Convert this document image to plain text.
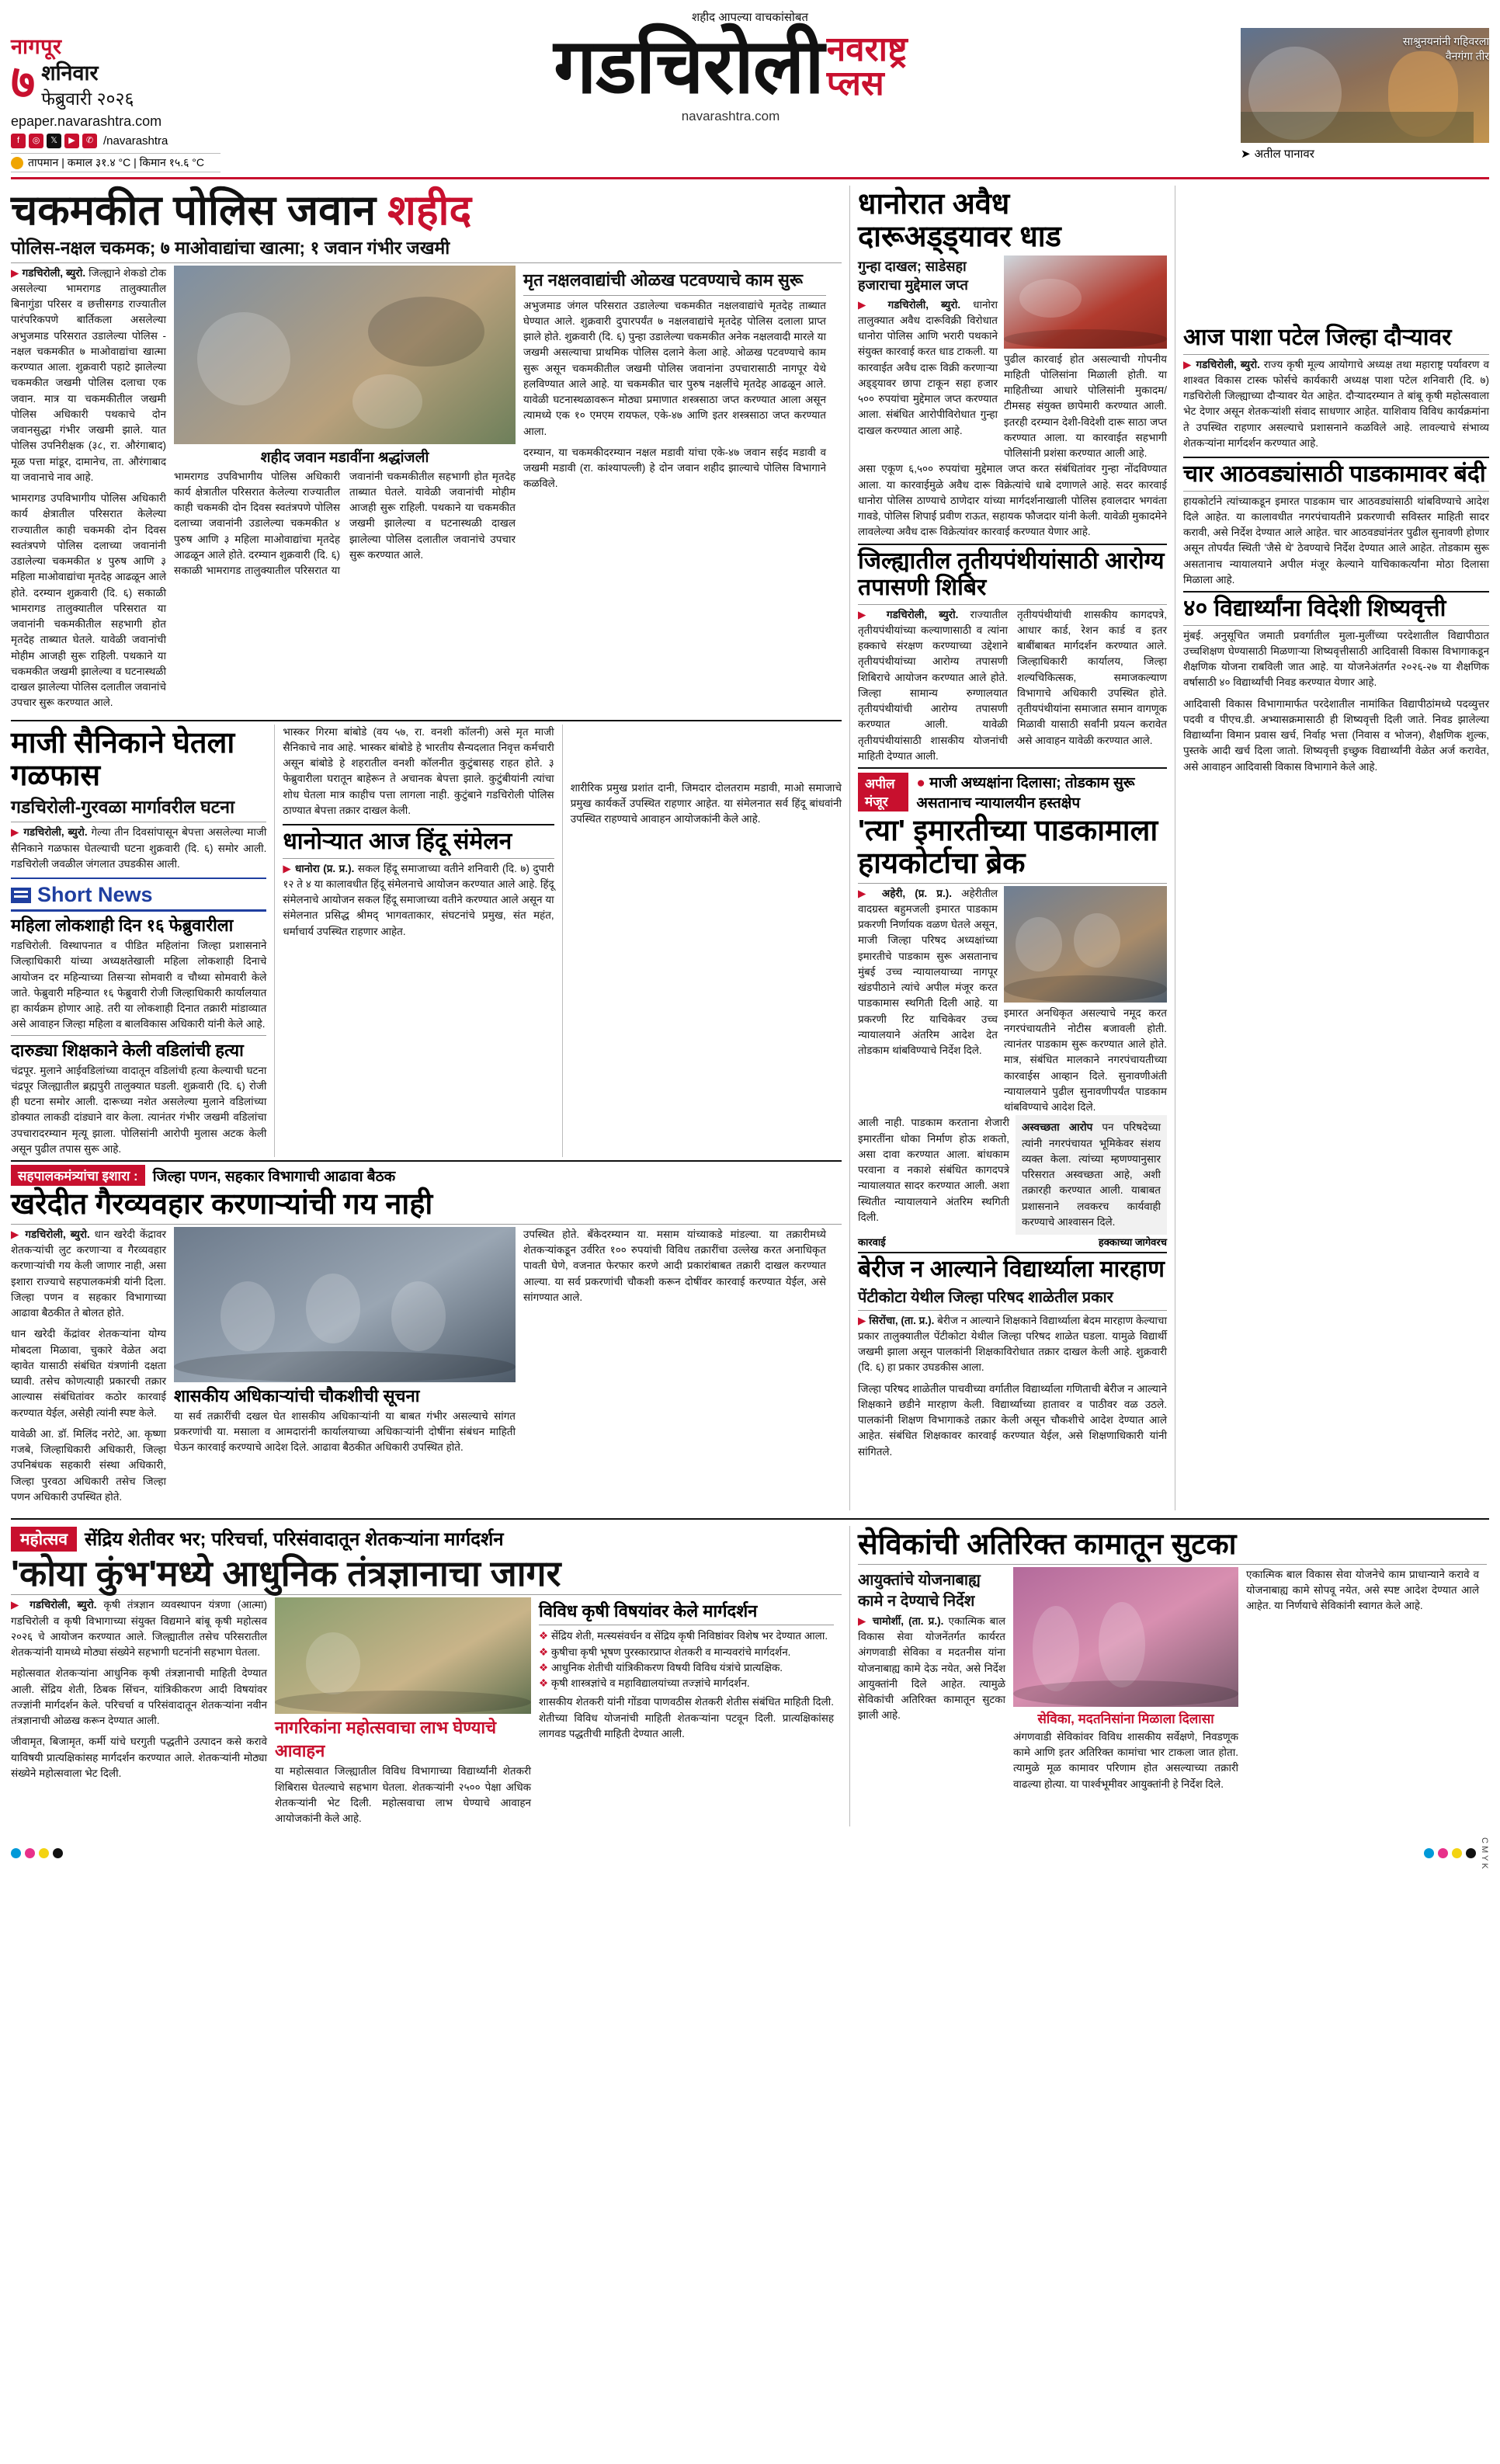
शहीद आपल्या वाचकांसोबत
नागपूर
७ शनिवार
फेब्रुवारी २०२६
epaper.navarashtra.com
f	◎	𝕏	▶	✆ /navarashtra
तापमान | कमाल ३१.४ °C | किमान १५.६ °C
गडचिरोली नवराष्ट्र
प्लस
navarashtra.com
साश्रुनयनांनी गहिवरला वैनगंगा तीर
➤ अतील पानावर
चकमकीत पोलिस जवान शहीद
पोलिस-नक्षल चकमक; ७ माओवाद्यांचा खात्मा; १ जवान गंभीर जखमी

▶ गडचिरोली, ब्युरो. जिल्ह्याने शेकडो टोक असलेल्या भामरागड तालुक्यातील बिनागुंडा परिसर व छत्तीसगड राज्यातील पारंपरिकपणे बार्तिकला असलेल्या अभुजमाड परिसरात उडालेल्या पोलिस - नक्षल चकमकीत ७ माओवाद्यांचा खात्मा करण्यात आला. शुक्रवारी पहाटे झालेल्या चकमकीत जखमी पोलिस दलाचा एक जवान. मात्र या चकमकीतील जखमी पोलिस अधिकारी पथकाचे दोन जवानसुद्धा गंभीर जखमी झाले. यात पोलिस उपनिरीक्षक (३८, रा. औरंगाबाद) मूळ पत्ता मांडूर, दामानेच, ता. औरंगाबाद या जवानाचे नाव आहे.

भामरागड उपविभागीय पोलिस अधिकारी कार्य क्षेत्रातील परिसरात केलेल्या राज्यातील काही चकमकी दोन दिवस स्वतंत्रपणे पोलिस दलाच्या जवानांनी उडालेल्या चकमकीत ४ पुरुष आणि ३ महिला माओवाद्यांचा मृतदेह आढळून आले होते. दरम्यान शुक्रवारी (दि. ६) सकाळी भामरागड तालुक्यातील परिसरात या जवानांनी चकमकीतील सहभागी होत मृतदेह ताब्यात घेतले. यावेळी जवानांची मोहीम आजही सुरू राहिली. पथकाने या चकमकीत जखमी झालेल्या व घटनास्थळी दाखल झालेल्या पोलिस दलातील जवानांचे उपचार सुरू करण्यात आले.

शहीद जवान मडावींना श्रद्धांजली

भामरागड उपविभागीय पोलिस अधिकारी कार्य क्षेत्रातील परिसरात केलेल्या राज्यातील काही चकमकी दोन दिवस स्वतंत्रपणे पोलिस दलाच्या जवानांनी उडालेल्या चकमकीत ४ पुरुष आणि ३ महिला माओवाद्यांचा मृतदेह आढळून आले होते. दरम्यान शुक्रवारी (दि. ६) सकाळी भामरागड तालुक्यातील परिसरात या जवानांनी चकमकीतील सहभागी होत मृतदेह ताब्यात घेतले. यावेळी जवानांची मोहीम आजही सुरू राहिली. पथकाने या चकमकीत जखमी झालेल्या व घटनास्थळी दाखल झालेल्या पोलिस दलातील जवानांचे उपचार सुरू करण्यात आले.

मृत नक्षलवाद्यांची ओळख पटवण्याचे काम सुरू

अभुजमाड जंगल परिसरात उडालेल्या चकमकीत नक्षलवाद्यांचे मृतदेह ताब्यात घेण्यात आले. शुक्रवारी दुपारपर्यंत ७ नक्षलवाद्यांचे मृतदेह पोलिस दलाला प्राप्त झाले होते. शुक्रवारी (दि. ६) पुन्हा उडालेल्या चकमकीत अनेक नक्षलवादी मारले या जखमी असल्याचा प्राथमिक पोलिस दलाने केला आहे. ओळख पटवण्याचे काम सुरू असून चकमकीतील जखमी पोलिस जवानांना उपचारासाठी नागपूर येथे हलविण्यात आले आहे. या चकमकीत चार पुरुष नक्षलींचे मृतदेह आढळून आले. यावेळी घटनास्थळावरून मोठ्या प्रमाणात शस्त्रसाठा जप्त करण्यात आला असून त्यामध्ये एक १० एमएम रायफल, एके-४७ आणि इतर शस्त्रसाठा जप्त करण्यात आला.

दरम्यान, या चकमकीदरम्यान नक्षल मडावी यांचा एके-४७ जवान सईद मडावी व जखमी मडावी (रा. कांश्यापल्ली) हे दोन जवान शहीद झाल्याचे पोलिस विभागाने कळविले.

माजी सैनिकाने घेतला गळफास
गडचिरोली-गुरवळा मार्गावरील घटना

▶ गडचिरोली, ब्युरो. गेल्या तीन दिवसांपासून बेपत्ता असलेल्या माजी सैनिकाने गळफास घेतल्याची घटना शुक्रवारी (दि. ६) समोर आली. गडचिरोली जवळील जंगलात उघडकीस आली.

Short News
महिला लोकशाही दिन १६ फेब्रुवारीला
गडचिरोली. विस्थापनात व पीडित महिलांना जिल्हा प्रशासनाने जिल्हाधिकारी यांच्या अध्यक्षतेखाली महिला लोकशाही दिनाचे आयोजन दर महिन्याच्या तिसऱ्या सोमवारी व चौथ्या सोमवारी केले जाते. फेब्रुवारी महिन्यात १६ फेब्रुवारी रोजी जिल्हाधिकारी कार्यालयात हा कार्यक्रम होणार आहे. तरी या लोकशाही दिनात तक्रारी मांडाव्यात असे आवाहन जिल्हा महिला व बालविकास अधिकारी यांनी केले आहे.
दारुड्या शिक्षकाने केली वडिलांची हत्या
चंद्रपूर. मुलाने आईवडिलांच्या वादातून वडिलांची हत्या केल्याची घटना चंद्रपूर जिल्ह्यातील ब्रह्मपुरी तालुक्यात घडली. शुक्रवारी (दि. ६) रोजी ही घटना समोर आली. दारूच्या नशेत असलेल्या मुलाने वडिलांच्या डोक्यात लाकडी दांड्याने वार केला. त्यानंतर गंभीर जखमी वडिलांचा उपचारादरम्यान मृत्यू झाला. पोलिसांनी आरोपी मुलास अटक केली असून पुढील तपास सुरू आहे.

भास्कर गिरमा बांबोडे (वय ५७, रा. वनशी कॉलनी) असे मृत माजी सैनिकाचे नाव आहे. भास्कर बांबोडे हे भारतीय सैन्यदलात निवृत्त कर्मचारी असून बांबोडे हे शहरातील वनशी कॉलनीत कुटुंबासह राहत होते. ३ फेब्रुवारीला घरातून बाहेरून ते अचानक बेपत्ता झाले. कुटुंबीयांनी त्यांचा शोध घेतला मात्र काहीच पत्ता लागला नाही. कुटुंबाने गडचिरोली पोलिस ठाण्यात बेपत्ता तक्रार दाखल केली.

धानोऱ्यात आज हिंदू संमेलन

▶ धानोरा (प्र. प्र.). सकल हिंदू समाजाच्या वतीने शनिवारी (दि. ७) दुपारी १२ ते ४ या कालावधीत हिंदू संमेलनाचे आयोजन करण्यात आले आहे. हिंदू संमेलनाचे आयोजन सकल हिंदू समाजाच्या वतीने करण्यात आले असून या संमेलनात प्रसिद्ध श्रीमद् भागवताकार, संघटनांचे प्रमुख, संत महंत, धर्माचार्य उपस्थित राहणार आहेत.

शारीरिक प्रमुख प्रशांत दानी, जिमदार दोलतराम मडावी, माओ समाजाचे प्रमुख कार्यकर्ते उपस्थित राहणार आहेत. या संमेलनात सर्व हिंदू बांधवांनी उपस्थित राहण्याचे आवाहन आयोजकांनी केले आहे.
सहपालकमंत्र्यांचा इशारा :	जिल्हा पणन, सहकार विभागाची आढावा बैठक
खरेदीत गैरव्यवहार करणाऱ्यांची गय नाही

▶ गडचिरोली, ब्युरो. धान खरेदी केंद्रावर शेतकऱ्यांची लुट करणाऱ्या व गैरव्यवहार करणाऱ्यांची गय केली जाणार नाही, असा इशारा राज्याचे सहपालकमंत्री यांनी दिला. जिल्हा पणन व सहकार विभागाच्या आढावा बैठकीत ते बोलत होते.

धान खरेदी केंद्रांवर शेतकऱ्यांना योग्य मोबदला मिळावा, चुकारे वेळेत अदा व्हावेत यासाठी संबंधित यंत्रणांनी दक्षता घ्यावी. तसेच कोणत्याही प्रकारची तक्रार आल्यास संबंधितांवर कठोर कारवाई करण्यात येईल, असेही त्यांनी स्पष्ट केले.

यावेळी आ. डॉ. मिलिंद नरोटे, आ. कृष्णा गजबे, जिल्हाधिकारी अधिकारी, जिल्हा उपनिबंधक सहकारी संस्था अधिकारी, जिल्हा पुरवठा अधिकारी तसेच जिल्हा पणन अधिकारी उपस्थित होते.

शासकीय अधिकाऱ्यांची चौकशीची सूचना
या सर्व तक्रारींची दखल घेत शासकीय अधिकाऱ्यांनी या बाबत गंभीर असल्याचे सांगत प्रकरणांची या. मसाला व आमदारांनी कार्यालयाच्या अधिकाऱ्यांनी दोषींना संबंधन माहिती घेऊन कारवाई करण्याचे आदेश दिले. आढावा बैठकीत अधिकारी उपस्थित होते.

उपस्थित होते. बँकेदरम्यान या. मसाम यांच्याकडे मांडल्या. या तक्रारीमध्ये शेतकऱ्यांकडून उर्वरित १०० रुपयांची विविध तक्रारींचा उल्लेख करत अनाधिकृत पावती घेणे, वजनात फेरफार करणे आदी प्रकारांबाबत तक्रारी दाखल करण्यात आल्या. या सर्व प्रकरणांची चौकशी करून दोषींवर कारवाई करण्यात येईल, असे सांगण्यात आले.

धानोरात अवैध दारूअड्ड्यावर धाड
गुन्हा दाखल; साडेसहा हजाराचा मुद्देमाल जप्त

▶ गडचिरोली, ब्युरो. धानोरा तालुक्यात अवैध दारूविक्री विरोधात धानोरा पोलिस आणि भरारी पथकाने संयुक्त कारवाई करत धाड टाकली. या कारवाईत अवैध दारू विक्री करणाऱ्या अड्ड्यावर छापा टाकून सहा हजार ५०० रुपयांचा मुद्देमाल जप्त करण्यात आला. संबंधित आरोपीविरोधात गुन्हा दाखल करण्यात आला आहे.

पुढील कारवाई होत असल्याची गोपनीय माहिती पोलिसांना मिळाली होती. या माहितीच्या आधारे पोलिसांनी मुकादम/टीमसह संयुक्त छापेमारी करण्यात आली. इतरही दरम्यान देशी-विदेशी दारू साठा जप्त करण्यात आला. या कारवाईत सहभागी पोलिसांनी प्रशंसा करण्यात आली आहे.
असा एकूण ६,५०० रुपयांचा मुद्देमाल जप्त करत संबंधितांवर गुन्हा नोंदविण्यात आला. या कारवाईमुळे अवैध दारू विक्रेत्यांचे धाबे दणाणले आहे. सदर कारवाई धानोरा पोलिस ठाण्याचे ठाणेदार यांच्या मार्गदर्शनाखाली पोलिस हवालदार भगवंता गावडे, पोलिस शिपाई प्रवीण राऊत, सहायक फौजदार यांनी केली. यावेळी मुकादमेने लावलेल्या अवैध दारू विक्रेत्यांवर कारवाई करण्यात येणार आहे.
जिल्ह्यातील तृतीयपंथीयांसाठी आरोग्य तपासणी शिबिर

▶ गडचिरोली, ब्युरो. राज्यातील तृतीयपंथीयांच्या कल्याणासाठी व त्यांना हक्काचे संरक्षण करण्याच्या उद्देशाने तृतीयपंथीयांच्या आरोग्य तपासणी शिबिराचे आयोजन करण्यात आले होते. जिल्हा सामान्य रुग्णालयात तृतीयपंथीयांची आरोग्य तपासणी करण्यात आली. यावेळी तृतीयपंथीयांसाठी शासकीय योजनांची माहिती देण्यात आली.

तृतीयपंथीयांची शासकीय कागदपत्रे, आधार कार्ड, रेशन कार्ड व इतर बाबींबाबत मार्गदर्शन करण्यात आले. जिल्हाधिकारी कार्यालय, जिल्हा शल्यचिकित्सक, समाजकल्याण विभागाचे अधिकारी उपस्थित होते. तृतीयपंथीयांना समाजात समान वागणूक मिळावी यासाठी सर्वांनी प्रयत्न करावेत असे आवाहन यावेळी करण्यात आले.

अपील मंजूर
● माजी अध्यक्षांना दिलासा; तोडकाम सुरू असतानाच न्यायालयीन हस्तक्षेप
'त्या' इमारतीच्या पाडकामाला हायकोर्टाचा ब्रेक

▶ अहेरी, (प्र. प्र.). अहेरीतील वादग्रस्त बहुमजली इमारत पाडकाम प्रकरणी निर्णायक वळण घेतले असून, माजी जिल्हा परिषद अध्यक्षांच्या इमारतीचे पाडकाम सुरू असतानाच मुंबई उच्च न्यायालयाच्या नागपूर खंडपीठाने त्यांचे अपील मंजूर करत पाडकामास स्थगिती दिली आहे. या प्रकरणी रिट याचिकेवर उच्च न्यायालयाने अंतरिम आदेश देत तोडकाम थांबविण्याचे निर्देश दिले.

इमारत अनधिकृत असल्याचे नमूद करत नगरपंचायतीने नोटीस बजावली होती. त्यानंतर पाडकाम सुरू करण्यात आले होते. मात्र, संबंधित मालकाने नगरपंचायतीच्या कारवाईस आव्हान दिले. सुनावणीअंती न्यायालयाने पुढील सुनावणीपर्यंत पाडकाम थांबविण्याचे आदेश दिले.
आली नाही. पाडकाम करताना शेजारी इमारतींना धोका निर्माण होऊ शकतो, असा दावा करण्यात आला. बांधकाम परवाना व नकाशे संबंधित कागदपत्रे न्यायालयात सादर करण्यात आली. अशा स्थितीत न्यायालयाने अंतरिम स्थगिती दिली.
अस्वच्छता आरोप पन परिषदेच्या त्यांनी नगरपंचायत भूमिकेवर संशय व्यक्त केला. त्यांच्या म्हणण्यानुसार परिसरात अस्वच्छता आहे, अशी तक्रारही करण्यात आली. याबाबत प्रशासनाने लवकरच कार्यवाही करण्याचे आश्वासन दिले.
कारवाई	हक्काच्या जागेवरच
बेरीज न आल्याने विद्यार्थ्याला मारहाण
पेंटीकोटा येथील जिल्हा परिषद शाळेतील प्रकार

▶ सिरोंचा, (ता. प्र.). बेरीज न आल्याने शिक्षकाने विद्यार्थ्याला बेदम मारहाण केल्याचा प्रकार तालुक्यातील पेंटीकोटा येथील जिल्हा परिषद शाळेत घडला. यामुळे विद्यार्थी जखमी झाला असून पालकांनी शिक्षकाविरोधात तक्रार दाखल केली आहे. शुक्रवारी (दि. ६) हा प्रकार उघडकीस आला.

जिल्हा परिषद शाळेतील पाचवीच्या वर्गातील विद्यार्थ्याला गणिताची बेरीज न आल्याने शिक्षकाने छडीने मारहाण केली. विद्यार्थ्याच्या हातावर व पाठीवर वळ उठले. पालकांनी शिक्षण विभागाकडे तक्रार केली असून चौकशीचे आदेश देण्यात आले आहेत. संबंधित शिक्षकावर कारवाई करण्यात येईल, असे शिक्षणाधिकारी यांनी सांगितले.

आज पाशा पटेल जिल्हा दौऱ्यावर

▶ गडचिरोली, ब्युरो. राज्य कृषी मूल्य आयोगाचे अध्यक्ष तथा महाराष्ट्र पर्यावरण व शाश्वत विकास टास्क फोर्सचे कार्यकारी अध्यक्ष पाशा पटेल शनिवारी (दि. ७) गडचिरोली जिल्ह्याच्या दौऱ्यावर येत आहेत. दौऱ्यादरम्यान ते बांबू कृषी महोत्सवाला भेट देणार असून शेतकऱ्यांशी संवाद साधणार आहेत. याशिवाय विविध कार्यक्रमांना ते उपस्थित राहणार असल्याचे प्रशासनाने कळविले आहे. लावल्याचे संभाव्य शेतकऱ्यांना मार्गदर्शन करण्यात आहे.

चार आठवड्यांसाठी पाडकामावर बंदी
हायकोर्टाने त्यांच्याकडून इमारत पाडकाम चार आठवड्यांसाठी थांबविण्याचे आदेश दिले आहेत. या कालावधीत नगरपंचायतीने प्रकरणाची सविस्तर माहिती सादर करावी, असे निर्देश देण्यात आले आहेत. चार आठवड्यांनंतर पुढील सुनावणी होणार असून तोपर्यंत स्थिती 'जैसे थे' ठेवण्याचे निर्देश देण्यात आले आहेत. तोडकाम सुरू असतानाच न्यायालयाने अपील मंजूर केल्याने याचिकाकर्त्यांना मोठा दिलासा मिळाला आहे.
४० विद्यार्थ्यांना विदेशी शिष्यवृत्ती

मुंबई. अनुसूचित जमाती प्रवर्गातील मुला-मुलींच्या परदेशातील विद्यापीठात उच्चशिक्षण घेण्यासाठी मिळणाऱ्या शिष्यवृत्तीसाठी आदिवासी विकास विभागाकडून शैक्षणिक योजना राबविली जात आहे. या योजनेअंतर्गत २०२६-२७ या शैक्षणिक वर्षासाठी ४० विद्यार्थ्यांची निवड करण्यात येणार आहे.

आदिवासी विकास विभागामार्फत परदेशातील नामांकित विद्यापीठांमध्ये पदव्युत्तर पदवी व पीएच.डी. अभ्यासक्रमासाठी ही शिष्यवृत्ती दिली जाते. निवड झालेल्या विद्यार्थ्यांना विमान प्रवास खर्च, निर्वाह भत्ता (निवास व भोजन), शैक्षणिक शुल्क, पुस्तके आदी खर्च दिला जातो. शिष्यवृत्ती इच्छुक विद्यार्थ्यांनी वेळेत अर्ज करावेत, असे आवाहन आदिवासी विकास विभागाने केले आहे.

महोत्सव सेंद्रिय शेतीवर भर; परिचर्चा, परिसंवादातून शेतकऱ्यांना मार्गदर्शन
'कोया कुंभ'मध्ये आधुनिक तंत्रज्ञानाचा जागर

▶ गडचिरोली, ब्युरो. कृषी तंत्रज्ञान व्यवस्थापन यंत्रणा (आत्मा) गडचिरोली व कृषी विभागाच्या संयुक्त विद्यमाने बांबू कृषी महोत्सव २०२६ चे आयोजन करण्यात आले. जिल्ह्यातील तसेच परिसरातील शेतकऱ्यांनी यामध्ये मोठ्या संख्येने सहभागी घटनांनी सहभाग घेतला.

महोत्सवात शेतकऱ्यांना आधुनिक कृषी तंत्रज्ञानाची माहिती देण्यात आली. सेंद्रिय शेती, ठिबक सिंचन, यांत्रिकीकरण आदी विषयांवर तज्ज्ञांनी मार्गदर्शन केले. परिचर्चा व परिसंवादातून शेतकऱ्यांना नवीन तंत्रज्ञानाची ओळख करून देण्यात आली.

जीवामृत, बिजामृत, कर्मी यांचे घरगुती पद्धतीने उत्पादन कसे करावे याविषयी प्रात्यक्षिकांसह मार्गदर्शन करण्यात आले. शेतकऱ्यांनी मोठ्या संख्येने महोत्सवाला भेट दिली.

नागरिकांना महोत्सवाचा लाभ घेण्याचे आवाहन
या महोत्सवात जिल्ह्यातील विविध विभागाच्या विद्यार्थ्यांनी शेतकरी शिबिरास घेतल्याचे सहभाग घेतला. शेतकऱ्यांनी २५०० पेक्षा अधिक शेतकऱ्यांनी भेट दिली. महोत्सवाचा लाभ घेण्याचे आवाहन आयोजकांनी केले आहे.
विविध कृषी विषयांवर केले मार्गदर्शन
❖ सेंद्रिय शेती, मत्स्यसंवर्धन व सेंद्रिय कृषी निविष्ठांवर विशेष भर देण्यात आला.
❖ कुषीचा कृषी भूषण पुरस्कारप्राप्त शेतकरी व मान्यवरांचे मार्गदर्शन.
❖ आधुनिक शेतीची यांत्रिकीकरण विषयी विविध यंत्रांचे प्रात्यक्षिक.
❖ कृषी शास्त्रज्ञांचे व महाविद्यालयांच्या तज्ज्ञांचे मार्गदर्शन.
शासकीय शेतकरी यांनी गोंडवा पाणवठीस शेतकरी शेतीस संबंधित माहिती दिली. शेतीच्या विविध योजनांची माहिती शेतकऱ्यांना पटवून दिली. प्रात्यक्षिकांसह लागवड पद्धतीची माहिती देण्यात आली.
सेविकांची अतिरिक्त कामातून सुटका
आयुक्तांचे योजनाबाह्य कामे न देण्याचे निर्देश

▶ चामोर्शी, (ता. प्र.). एकात्मिक बाल विकास सेवा योजनेंतर्गत कार्यरत अंगणवाडी सेविका व मदतनीस यांना योजनाबाह्य कामे देऊ नयेत, असे निर्देश आयुक्तांनी दिले आहेत. त्यामुळे सेविकांची अतिरिक्त कामातून सुटका झाली आहे.	सेविका, मदतनिसांना मिळाला दिलासा
अंगणवाडी सेविकांवर विविध शासकीय सर्वेक्षणे, निवडणूक कामे आणि इतर अतिरिक्त कामांचा भार टाकला जात होता. त्यामुळे मूळ कामावर परिणाम होत असल्याच्या तक्रारी वाढल्या होत्या. या पार्श्वभूमीवर आयुक्तांनी हे निर्देश दिले.
एकात्मिक बाल विकास सेवा योजनेचे काम प्राधान्याने करावे व योजनाबाह्य कामे सोपवू नयेत, असे स्पष्ट आदेश देण्यात आले आहेत. या निर्णयाचे सेविकांनी स्वागत केले आहे.
C M Y K
